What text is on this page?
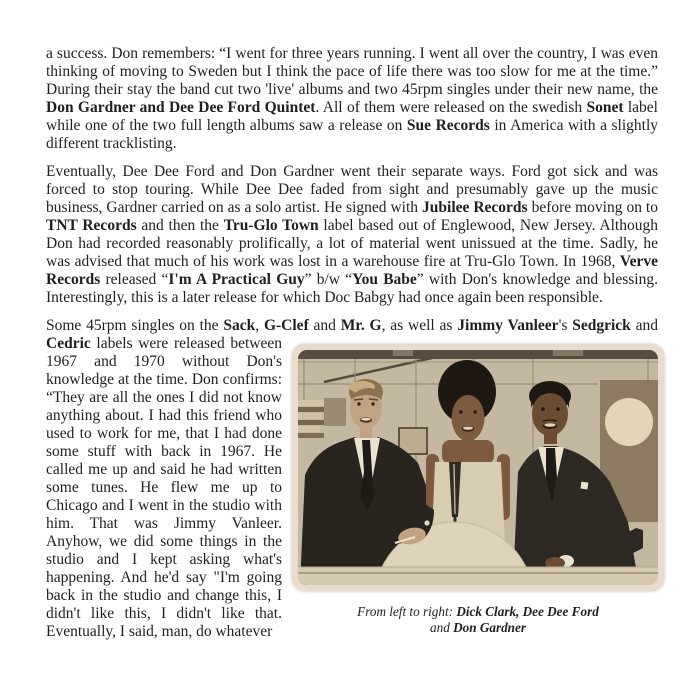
a success. Don remembers: “I went for three years running. I went all over the country, I was even thinking of moving to Sweden but I think the pace of life there was too slow for me at the time.” During their stay the band cut two 'live' albums and two 45rpm singles under their new name, the Don Gardner and Dee Dee Ford Quintet. All of them were released on the swedish Sonet label while one of the two full length albums saw a release on Sue Records in America with a slightly different tracklisting.
Eventually, Dee Dee Ford and Don Gardner went their separate ways. Ford got sick and was forced to stop touring. While Dee Dee faded from sight and presumably gave up the music business, Gardner carried on as a solo artist. He signed with Jubilee Records before moving on to TNT Records and then the Tru-Glo Town label based out of Englewood, New Jersey. Although Don had recorded reasonably prolifically, a lot of material went unissued at the time. Sadly, he was advised that much of his work was lost in a warehouse fire at Tru-Glo Town. In 1968, Verve Records released “I'm A Practical Guy” b/w “You Babe” with Don's knowledge and blessing. Interestingly, this is a later release for which Doc Babgy had once again been responsible.
Some 45rpm singles on the Sack, G-Clef and Mr. G, as well as Jimmy Vanleer's Sedgrick
From left to right: Dick Clark, Dee Dee Ford
and Don Gardner
and Cedric labels were released between 1967 and 1970 without Don's knowledge at the time. Don confirms: “They are all the ones I did not know anything about. I had this friend who used to work for me, that I had done some stuff with back in 1967. He called me up and said he had written some tunes. He flew me up to Chicago and I went in the studio with him. That was Jimmy Vanleer. Anyhow, we did some things in the studio and I kept asking what's happening. And he'd say "I'm going back in the studio and change this, I didn't like this, I didn't like that. Eventually, I said, man, do whatever
